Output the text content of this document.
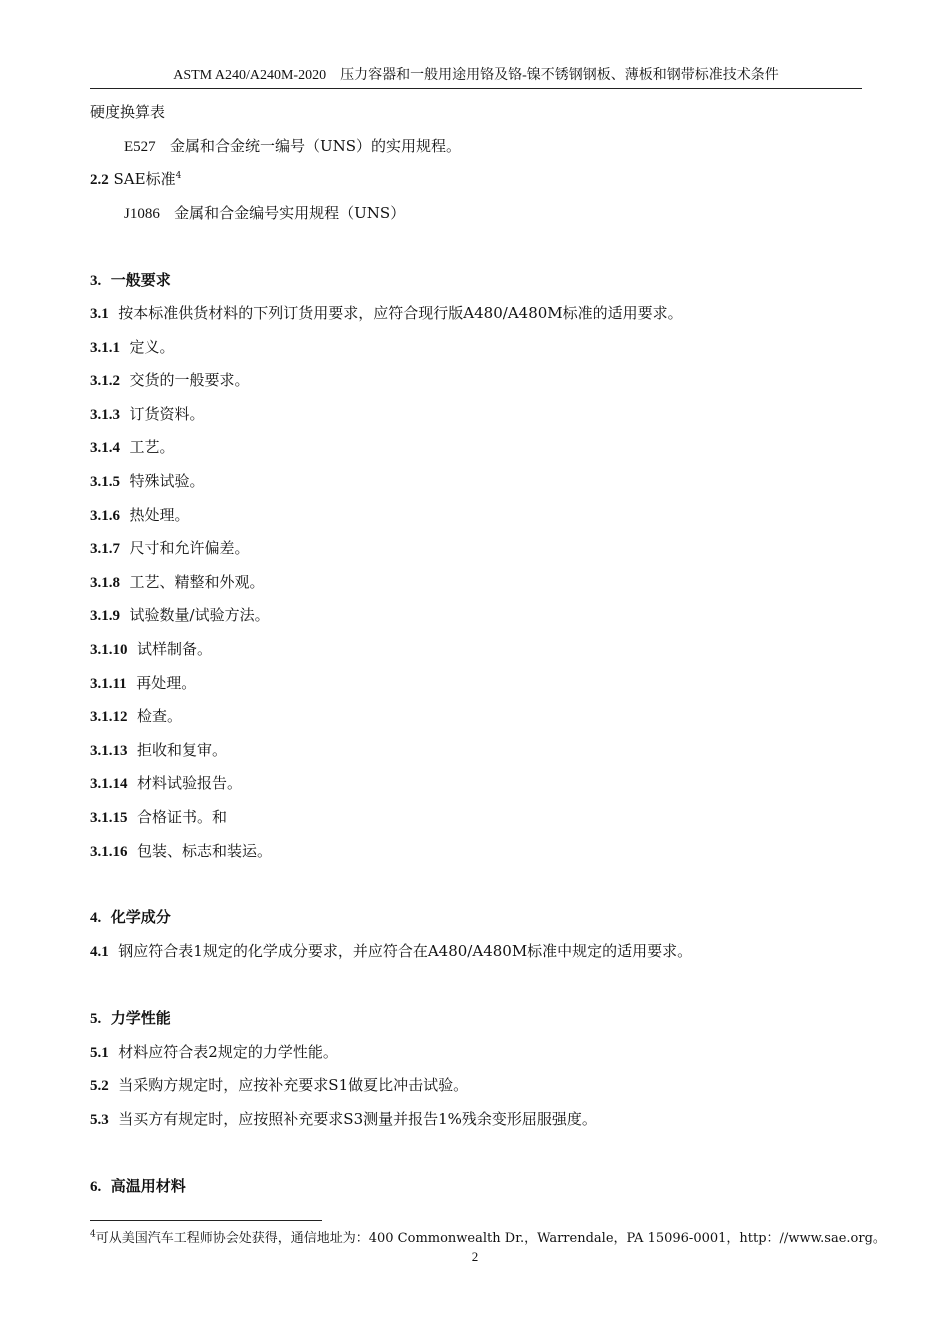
ASTM A240/A240M-2020　压力容器和一般用途用铬及铬-镍不锈钢钢板、薄板和钢带标准技术条件
硬度换算表
E527 金属和合金统一编号（UNS）的实用规程。
2.2 SAE标准$^4$
J1086 金属和合金编号实用规程（UNS）
3. 一般要求
3.1 按本标准供货材料的下列订货用要求，应符合现行版A480/A480M标准的适用要求。
3.1.1 定义。
3.1.2 交货的一般要求。
3.1.3 订货资料。
3.1.4 工艺。
3.1.5 特殊试验。
3.1.6 热处理。
3.1.7 尺寸和允许偏差。
3.1.8 工艺、精整和外观。
3.1.9 试验数量/试验方法。
3.1.10 试样制备。
3.1.11 再处理。
3.1.12 检查。
3.1.13 拒收和复审。
3.1.14 材料试验报告。
3.1.15 合格证书。和
3.1.16 包装、标志和装运。
4. 化学成分
4.1 钢应符合表1规定的化学成分要求，并应符合在A480/A480M标准中规定的适用要求。
5. 力学性能
5.1 材料应符合表2规定的力学性能。
5.2 当采购方规定时，应按补充要求S1做夏比冲击试验。
5.3 当买方有规定时，应按照补充要求S3测量并报告1%残余变形屈服强度。
6. 高温用材料
$^4$可从美国汽车工程师协会处获得，通信地址为：400 Commonwealth Dr.，Warrendale，PA 15096-0001，http：//www.sae.org。
2
